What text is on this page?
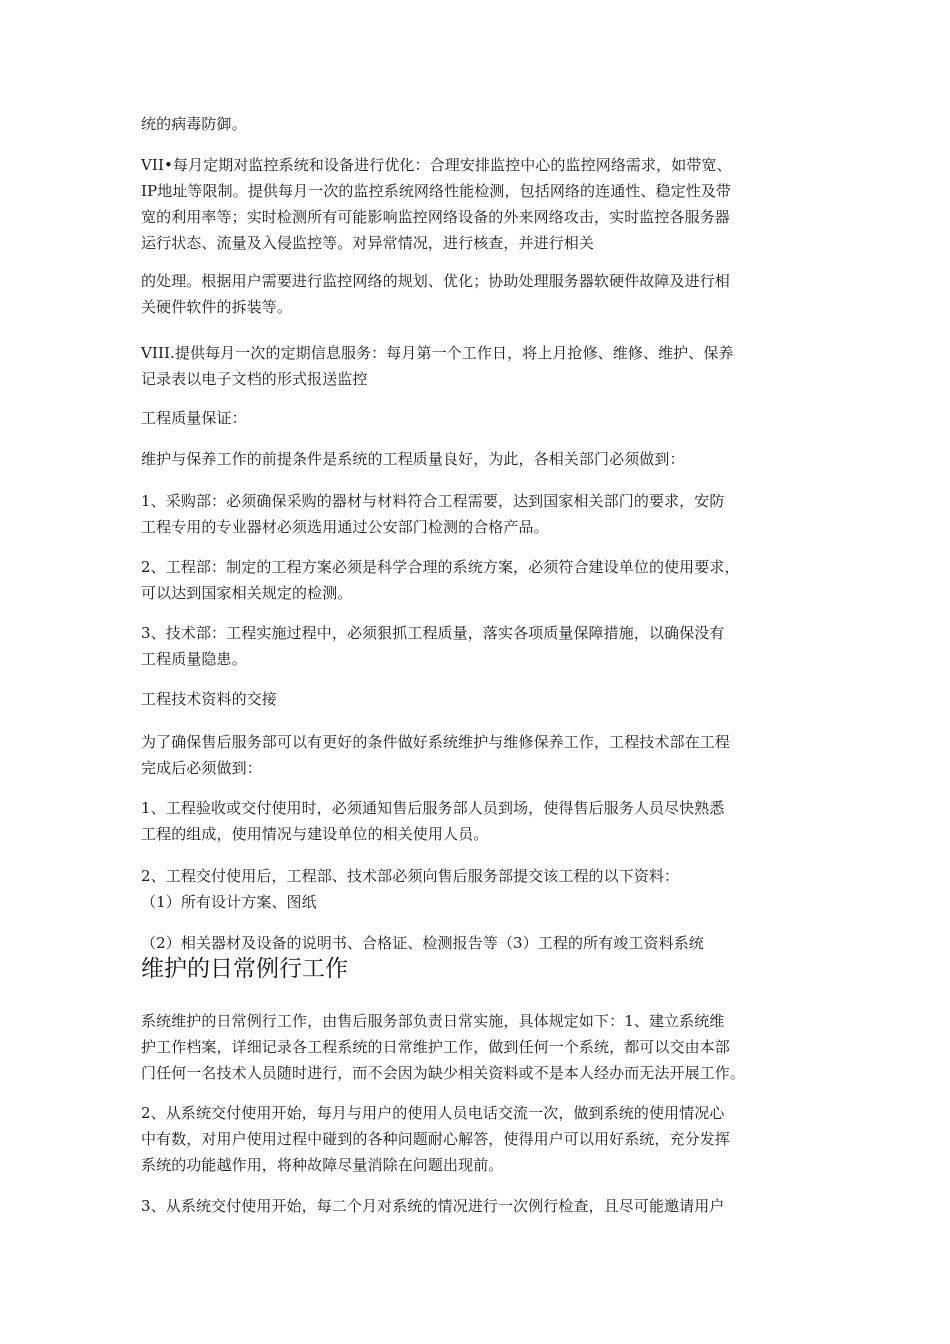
统的病毒防御。
VII•每月定期对监控系统和设备进行优化：合理安排监控中心的监控网络需求，如带宽、
IP地址等限制。提供每月一次的监控系统网络性能检测，包括网络的连通性、稳定性及带
宽的利用率等；实时检测所有可能影响监控网络设备的外来网络攻击，实时监控各服务器
运行状态、流量及入侵监控等。对异常情况，进行核查，并进行相关
的处理。根据用户需要进行监控网络的规划、优化；协助处理服务器软硬件故障及进行相
关硬件软件的拆装等。
VIII.提供每月一次的定期信息服务：每月第一个工作日，将上月抢修、维修、维护、保养
记录表以电子文档的形式报送监控
工程质量保证：
维护与保养工作的前提条件是系统的工程质量良好，为此，各相关部门必须做到：
1、采购部：必须确保采购的器材与材料符合工程需要，达到国家相关部门的要求，安防
工程专用的专业器材必须选用通过公安部门检测的合格产品。
2、工程部：制定的工程方案必须是科学合理的系统方案，必须符合建设单位的使用要求，
可以达到国家相关规定的检测。
3、技术部：工程实施过程中，必须狠抓工程质量，落实各项质量保障措施，以确保没有
工程质量隐患。
工程技术资料的交接
为了确保售后服务部可以有更好的条件做好系统维护与维修保养工作，工程技术部在工程
完成后必须做到：
1、工程验收或交付使用时，必须通知售后服务部人员到场，使得售后服务人员尽快熟悉
工程的组成，使用情况与建设单位的相关使用人员。
2、工程交付使用后，工程部、技术部必须向售后服务部提交该工程的以下资料：
（1）所有设计方案、图纸
（2）相关器材及设备的说明书、合格证、检测报告等（3）工程的所有竣工资料系统
维护的日常例行工作
系统维护的日常例行工作，由售后服务部负责日常实施，具体规定如下：1、建立系统维
护工作档案，详细记录各工程系统的日常维护工作，做到任何一个系统，都可以交由本部
门任何一名技术人员随时进行，而不会因为缺少相关资料或不是本人经办而无法开展工作。
2、从系统交付使用开始，每月与用户的使用人员电话交流一次，做到系统的使用情况心
中有数，对用户使用过程中碰到的各种问题耐心解答，使得用户可以用好系统，充分发挥
系统的功能越作用，将种故障尽量消除在问题出现前。
3、从系统交付使用开始，每二个月对系统的情况进行一次例行检查，且尽可能邀请用户
